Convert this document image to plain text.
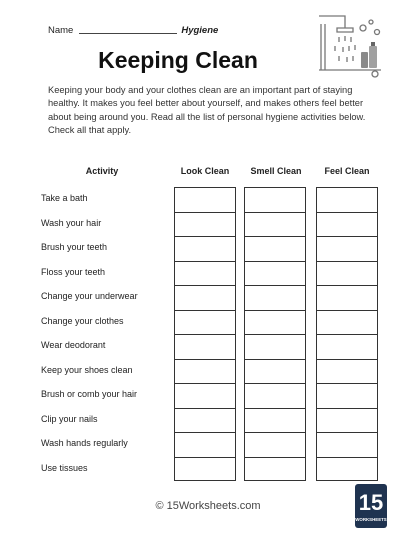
Name	Hygiene
Keeping Clean
Keeping your body and your clothes clean are an important part of staying healthy. It makes you feel better about yourself, and makes others feel better about being around you. Read all the list of personal hygiene activities below. Check all that apply.
Activity	Look Clean	Smell Clean	Feel Clean
Take a bath
Wash your hair
Brush your teeth
Floss your teeth
Change your underwear
Change your clothes
Wear deodorant
Keep your shoes clean
Brush or comb your hair
Clip your nails
Wash hands regularly
Use tissues
© 15Worksheets.com	15
WORKSHEETS
